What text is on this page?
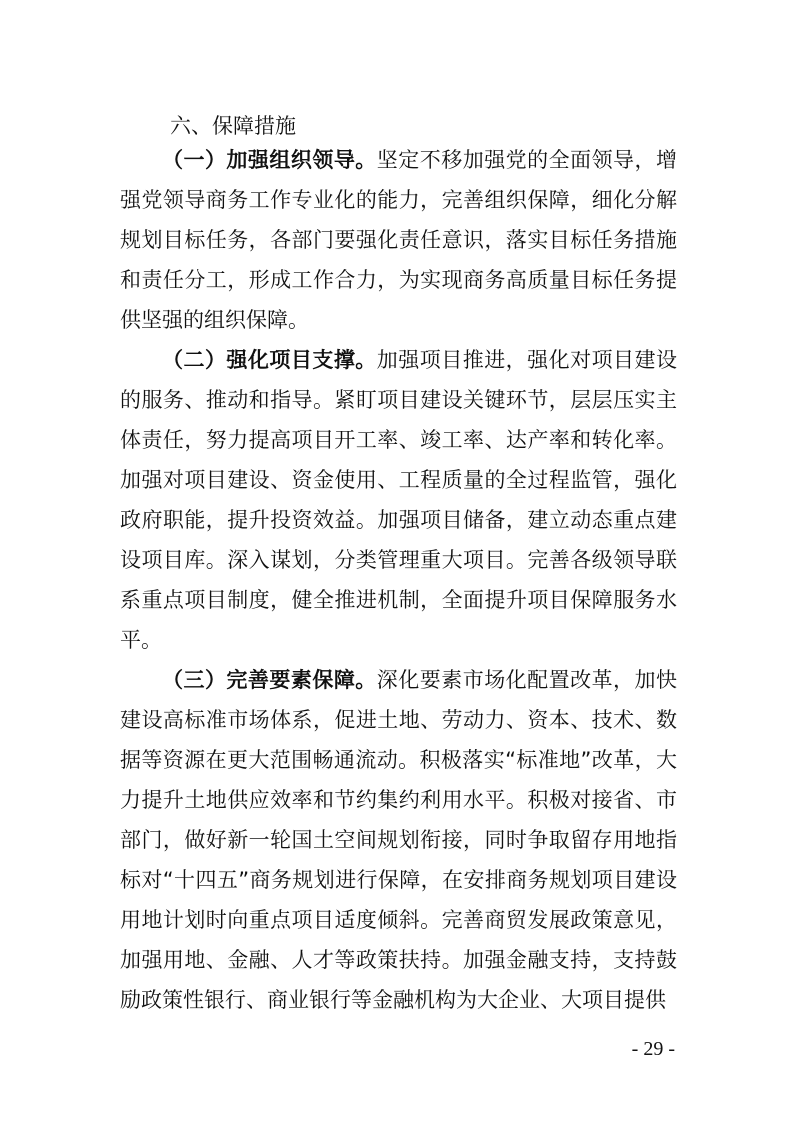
六、保障措施

（一）加强组织领导。坚定不移加强党的全面领导，增强党领导商务工作专业化的能力，完善组织保障，细化分解规划目标任务，各部门要强化责任意识，落实目标任务措施和责任分工，形成工作合力，为实现商务高质量目标任务提供坚强的组织保障。

（二）强化项目支撑。加强项目推进，强化对项目建设的服务、推动和指导。紧盯项目建设关键环节，层层压实主体责任，努力提高项目开工率、竣工率、达产率和转化率。加强对项目建设、资金使用、工程质量的全过程监管，强化政府职能，提升投资效益。加强项目储备，建立动态重点建设项目库。深入谋划，分类管理重大项目。完善各级领导联系重点项目制度，健全推进机制，全面提升项目保障服务水平。

（三）完善要素保障。深化要素市场化配置改革，加快建设高标准市场体系，促进土地、劳动力、资本、技术、数据等资源在更大范围畅通流动。积极落实“标准地”改革，大力提升土地供应效率和节约集约利用水平。积极对接省、市部门，做好新一轮国土空间规划衔接，同时争取留存用地指标对“十四五”商务规划进行保障，在安排商务规划项目建设用地计划时向重点项目适度倾斜。完善商贸发展政策意见，加强用地、金融、人才等政策扶持。加强金融支持，支持鼓励政策性银行、商业银行等金融机构为大企业、大项目提供

- 29 -
